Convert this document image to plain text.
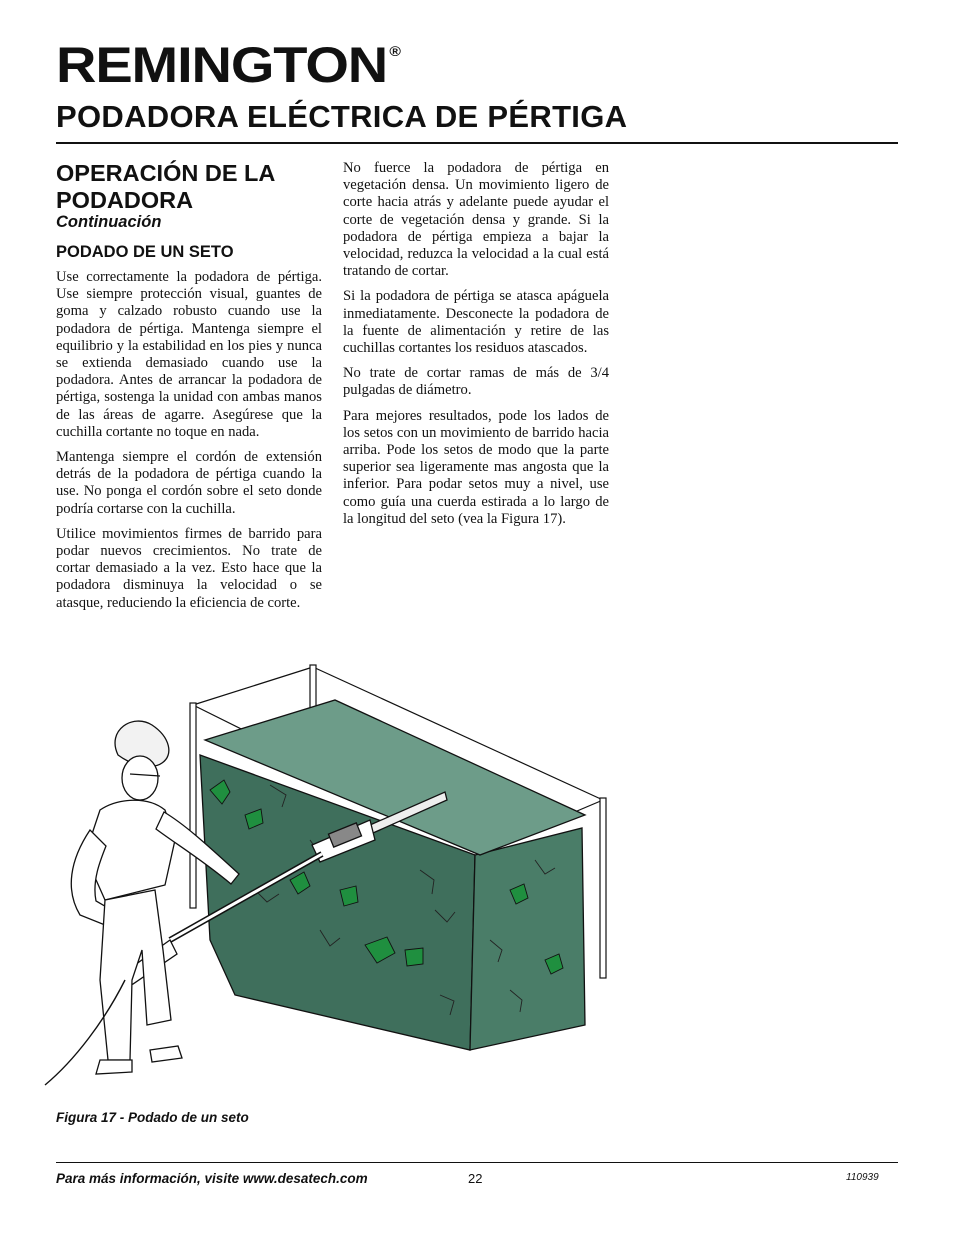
REMINGTON ®
PODADORA ELÉCTRICA DE PÉRTIGA
OPERACIÓN DE LA PODADORA
Continuación
PODADO DE UN SETO

Use correctamente la podadora de pértiga. Use siempre protección visual, guantes de goma y calzado robusto cuando use la podadora de pértiga. Mantenga siempre el equilibrio y la estabilidad en los pies y nunca se extienda demasiado cuando use la podadora. Antes de arrancar la podadora de pértiga, sostenga la unidad con ambas manos de las áreas de agarre. Asegúrese que la cuchilla cortante no toque en nada.

Mantenga siempre el cordón de extensión detrás de la podadora de pértiga cuando la use. No ponga el cordón sobre el seto donde podría cortarse con la cuchilla.

Utilice movimientos firmes de barrido para podar nuevos crecimientos. No trate de cortar demasiado a la vez. Esto hace que la podadora disminuya la velocidad o se atasque, reduciendo la eficiencia de corte.

No fuerce la podadora de pértiga en vegetación densa. Un movimiento ligero de corte hacia atrás y adelante puede ayudar el corte de vegetación densa y grande. Si la podadora de pértiga empieza a bajar la velocidad, reduzca la velocidad a la cual está tratando de cortar.

Si la podadora de pértiga se atasca apáguela inmediatamente. Desconecte la podadora de la fuente de alimentación y retire de las cuchillas cortantes los residuos atascados.

No trate de cortar ramas de más de 3/4 pulgadas de diámetro.

Para mejores resultados, pode los lados de los setos con un movimiento de barrido hacia arriba. Pode los setos de modo que la parte superior sea ligeramente mas angosta que la inferior. Para podar setos muy a nivel, use como guía una cuerda estirada a lo largo de la longitud del seto (vea la Figura 17).

Figura 17 - Podado de un seto
Para más información, visite www.desatech.com	22	110939
